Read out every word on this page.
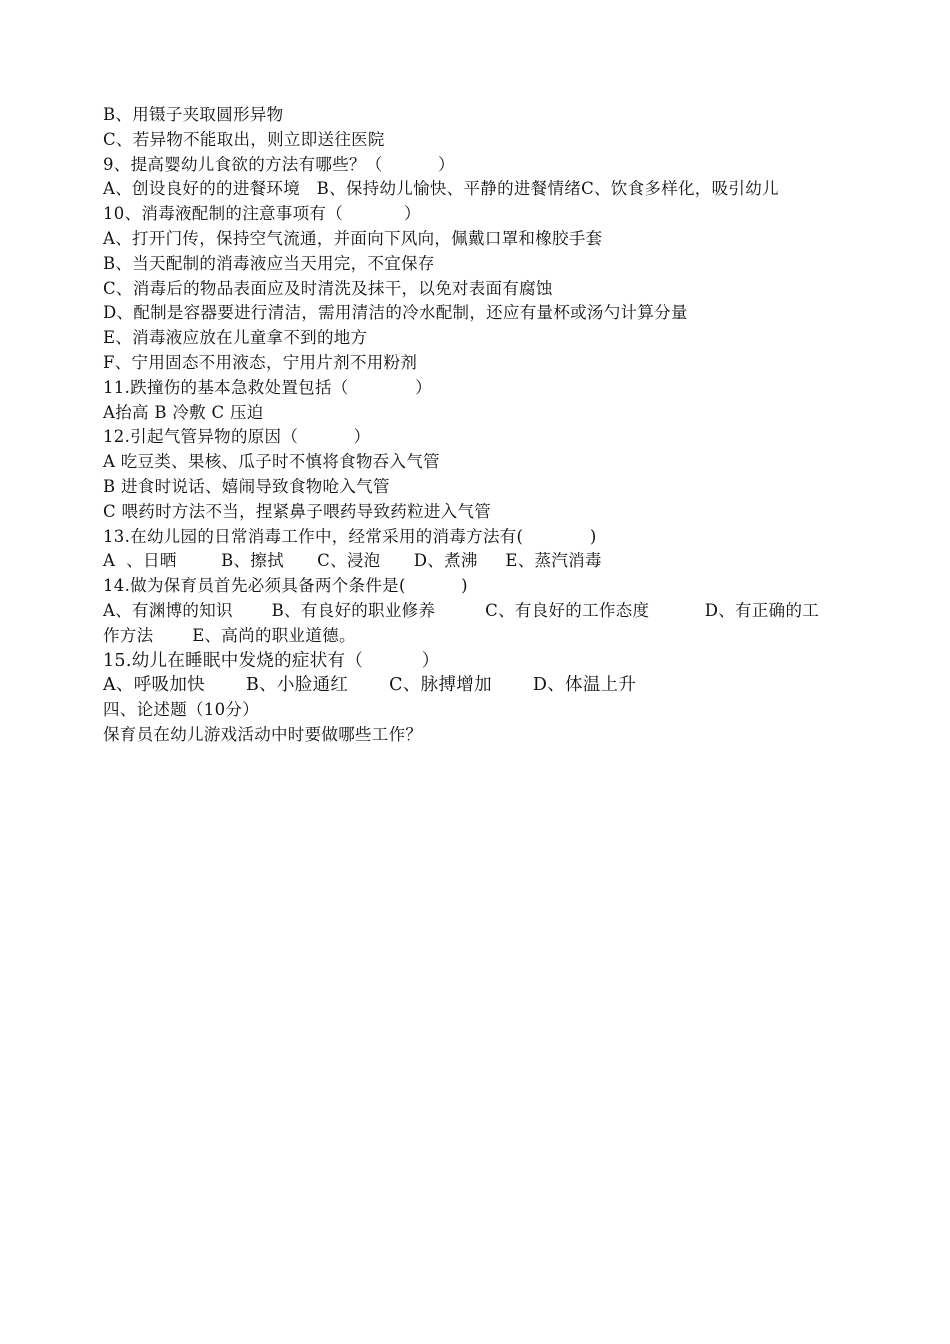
B、用镊子夹取圆形异物
C、若异物不能取出，则立即送往医院
9、提高婴幼儿食欲的方法有哪些？（          ）
A、创设良好的的进餐环境   B、保持幼儿愉快、平静的进餐情绪C、饮食多样化，吸引幼儿
10、消毒液配制的注意事项有（           ）
A、打开门传，保持空气流通，并面向下风向，佩戴口罩和橡胶手套
B、当天配制的消毒液应当天用完，不宜保存
C、消毒后的物品表面应及时清洗及抹干，以免对表面有腐蚀
D、配制是容器要进行清洁，需用清洁的冷水配制，还应有量杯或汤勺计算分量
E、消毒液应放在儿童拿不到的地方
F、宁用固态不用液态，宁用片剂不用粉剂
11.跌撞伤的基本急救处置包括（            ）
A抬高 B 冷敷 C 压迫
12.引起气管异物的原因（          ）
A 吃豆类、果核、瓜子时不慎将食物吞入气管
B 进食时说话、嬉闹导致食物呛入气管
C 喂药时方法不当，捏紧鼻子喂药导致药粒进入气管
13.在幼儿园的日常消毒工作中，经常采用的消毒方法有(            )
A  、日晒        B、擦拭      C、浸泡      D、煮沸     E、蒸汽消毒
14.做为保育员首先必须具备两个条件是(          )
A、有渊博的知识       B、有良好的职业修养         C、有良好的工作态度          D、有正确的工
作方法       E、高尚的职业道德。
15.幼儿在睡眠中发烧的症状有（          ）
A、呼吸加快       B、小脸通红       C、脉搏增加       D、体温上升
四、论述题（10分）
保育员在幼儿游戏活动中时要做哪些工作？
